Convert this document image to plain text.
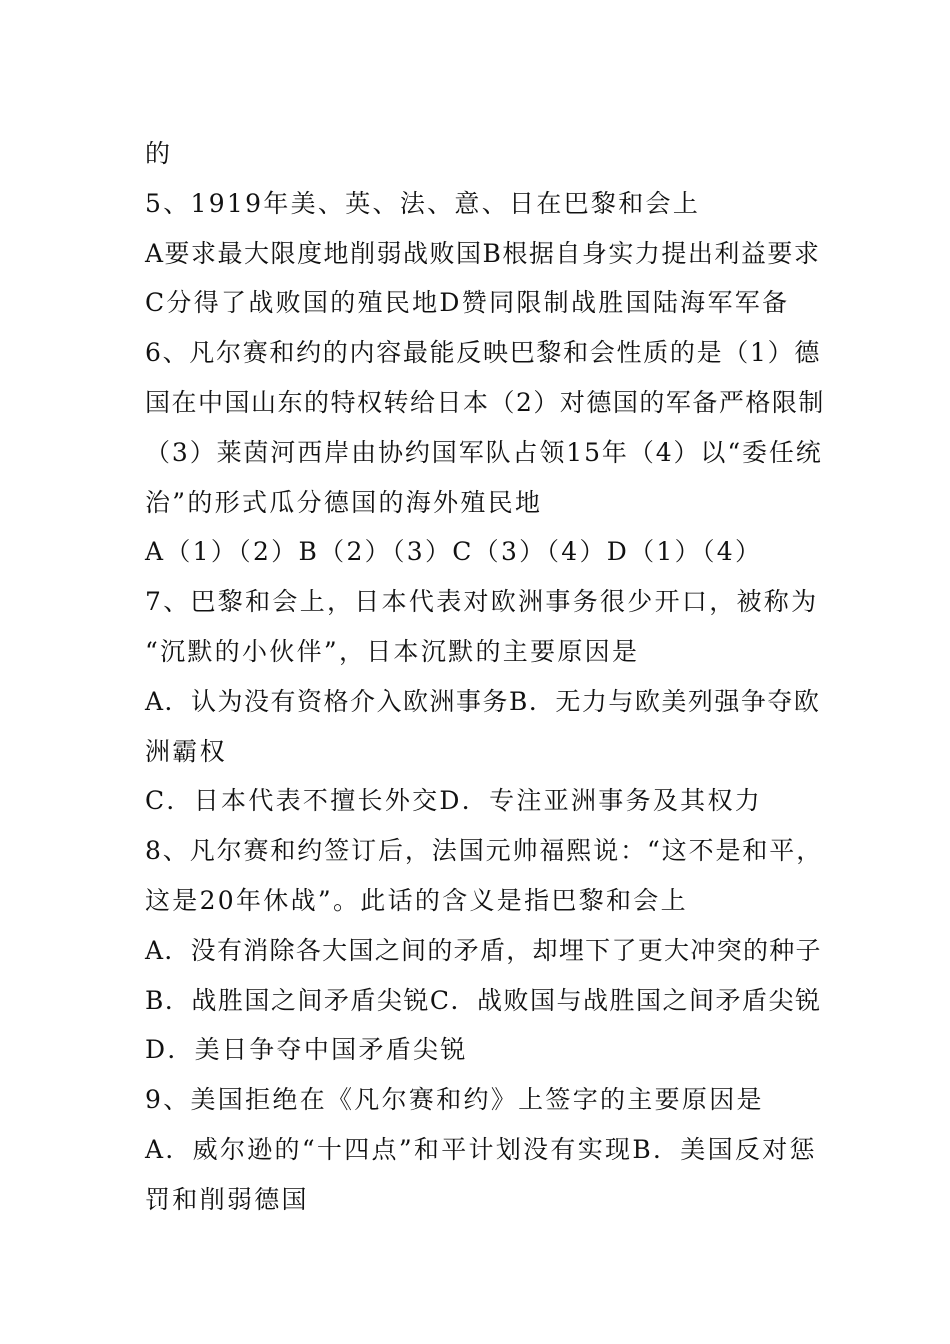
的
5、1919年美、英、法、意、日在巴黎和会上
A要求最大限度地削弱战败国B根据自身实力提出利益要求
C分得了战败国的殖民地D赞同限制战胜国陆海军军备
6、凡尔赛和约的内容最能反映巴黎和会性质的是（1）德
国在中国山东的特权转给日本（2）对德国的军备严格限制
（3）莱茵河西岸由协约国军队占领15年（4）以“委任统
治”的形式瓜分德国的海外殖民地
A（1）（2）B（2）（3）C（3）（4）D（1）（4）
7、巴黎和会上，日本代表对欧洲事务很少开口，被称为
“沉默的小伙伴”，日本沉默的主要原因是
A．认为没有资格介入欧洲事务B．无力与欧美列强争夺欧
洲霸权
C．日本代表不擅长外交D．专注亚洲事务及其权力
8、凡尔赛和约签订后，法国元帅福熙说：“这不是和平，
这是20年休战”。此话的含义是指巴黎和会上
A．没有消除各大国之间的矛盾，却埋下了更大冲突的种子
B．战胜国之间矛盾尖锐C．战败国与战胜国之间矛盾尖锐
D．美日争夺中国矛盾尖锐
9、美国拒绝在《凡尔赛和约》上签字的主要原因是
A．威尔逊的“十四点”和平计划没有实现B．美国反对惩
罚和削弱德国
